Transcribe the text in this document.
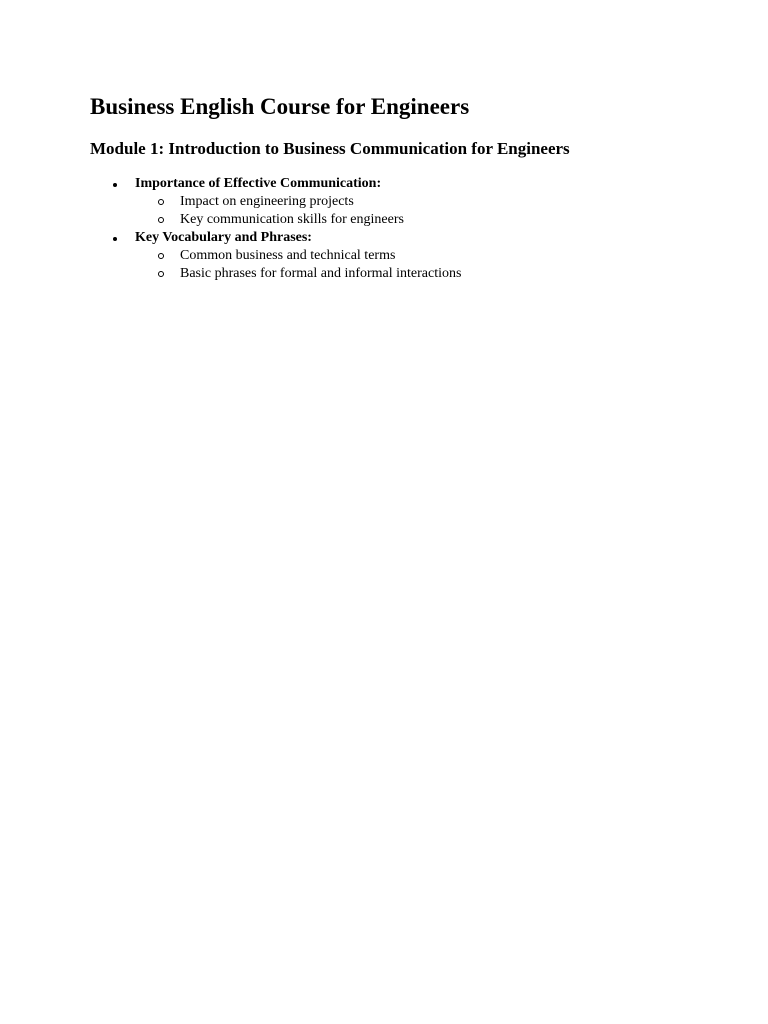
Business English Course for Engineers
Module 1: Introduction to Business Communication for Engineers
Importance of Effective Communication:
Impact on engineering projects
Key communication skills for engineers
Key Vocabulary and Phrases:
Common business and technical terms
Basic phrases for formal and informal interactions
